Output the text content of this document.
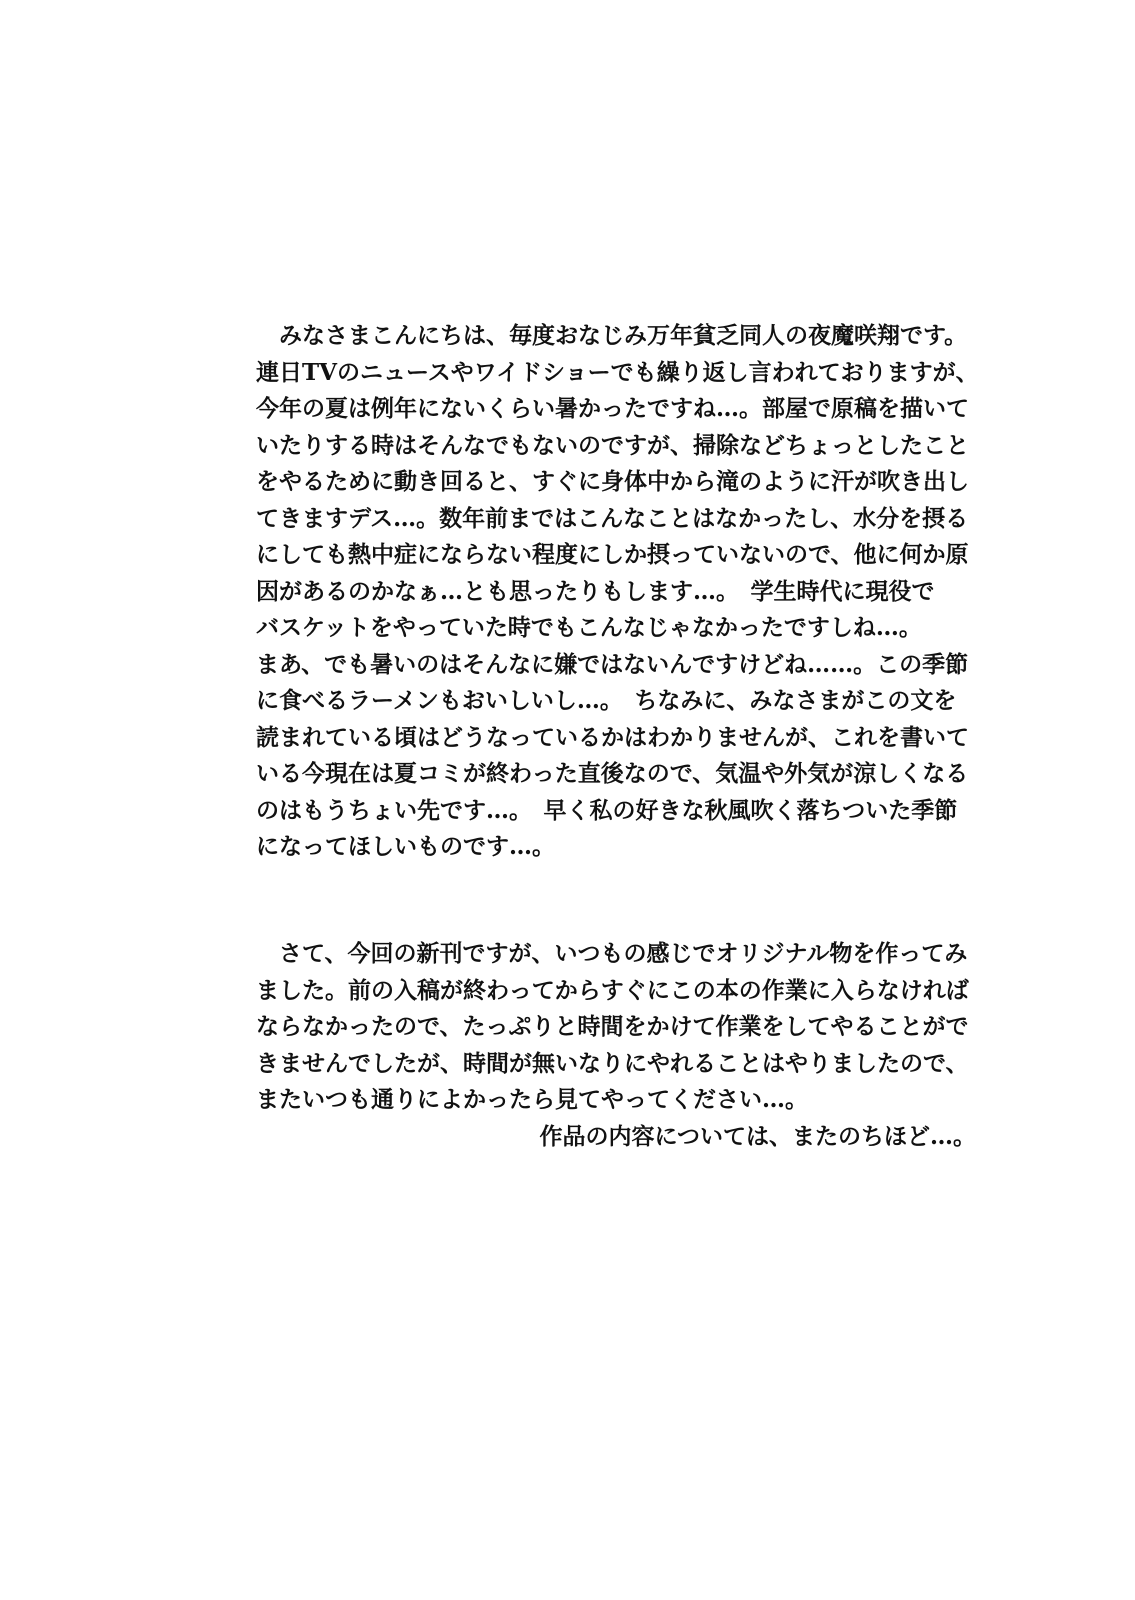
みなさまこんにちは、毎度おなじみ万年貧乏同人の夜魔咲翔です。
連日TVのニュースやワイドショーでも繰り返し言われておりますが、
今年の夏は例年にないくらい暑かったですね…。部屋で原稿を描いて
いたりする時はそんなでもないのですが、掃除などちょっとしたこと
をやるために動き回ると、すぐに身体中から滝のように汗が吹き出し
てきますデス…。数年前まではこんなことはなかったし、水分を摂る
にしても熱中症にならない程度にしか摂っていないので、他に何か原
因があるのかなぁ…とも思ったりもします…。　学生時代に現役で
バスケットをやっていた時でもこんなじゃなかったですしね…。
まあ、でも暑いのはそんなに嫌ではないんですけどね……。この季節
に食べるラーメンもおいしいし…。　ちなみに、みなさまがこの文を
読まれている頃はどうなっているかはわかりませんが、これを書いて
いる今現在は夏コミが終わった直後なので、気温や外気が涼しくなる
のはもうちょい先です…。　早く私の好きな秋風吹く落ちついた季節
になってほしいものです…。
さて、今回の新刊ですが、いつもの感じでオリジナル物を作ってみ
ました。前の入稿が終わってからすぐにこの本の作業に入らなければ
ならなかったので、たっぷりと時間をかけて作業をしてやることがで
きませんでしたが、時間が無いなりにやれることはやりましたので、
またいつも通りによかったら見てやってください…。
作品の内容については、またのちほど…。
